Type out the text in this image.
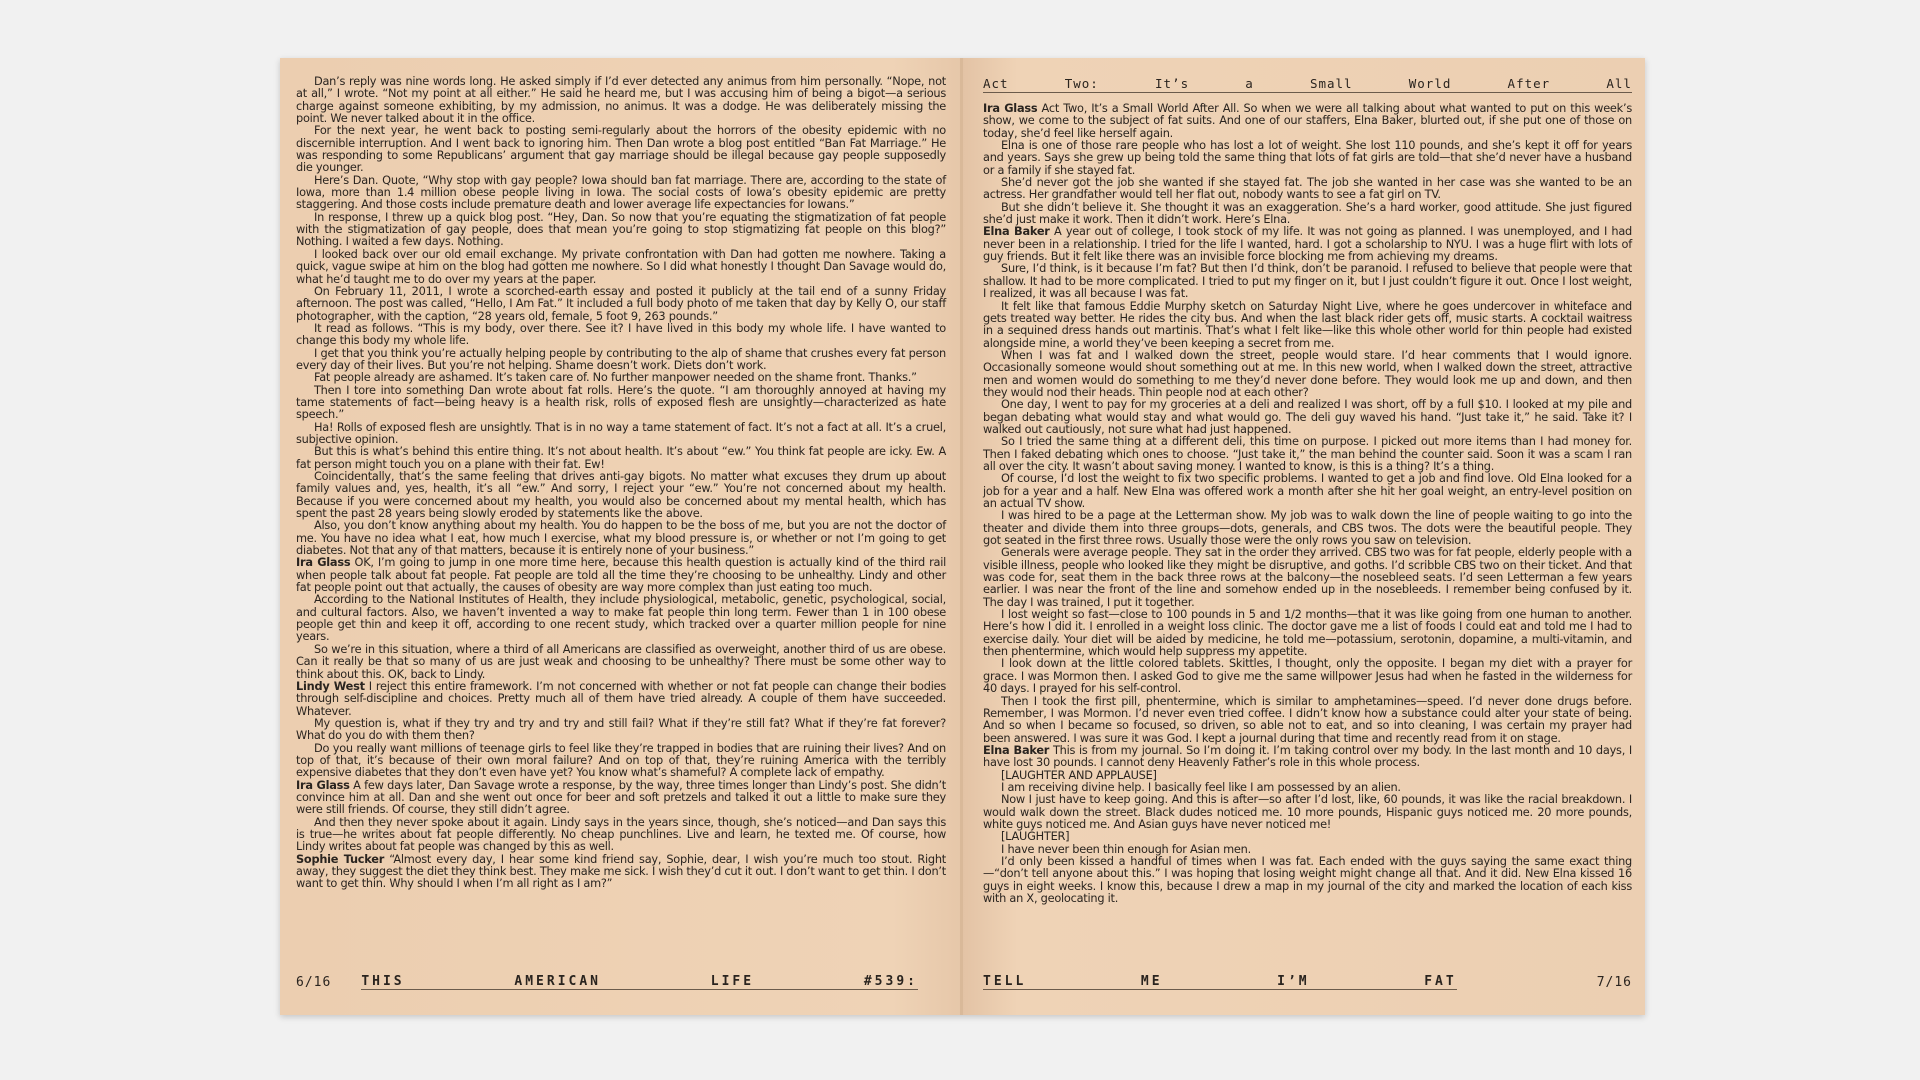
Dan’s reply was nine words long. He asked simply if I’d ever detected any animus from him personally. “Nope, not at all,” I wrote. “Not my point at all either.” He said he heard me, but I was accusing him of being a bigot—a serious charge against someone exhibiting, by my admission, no animus. It was a dodge. He was deliberately missing the point. We never talked about it in the office.

For the next year, he went back to posting semi-regularly about the horrors of the obesity epidemic with no discernible interruption. And I went back to ignoring him. Then Dan wrote a blog post entitled “Ban Fat Marriage.” He was responding to some Republicans’ argument that gay marriage should be illegal because gay people supposedly die younger.

Here’s Dan. Quote, “Why stop with gay people? Iowa should ban fat marriage. There are, according to the state of Iowa, more than 1.4 million obese people living in Iowa. The social costs of Iowa’s obesity epidemic are pretty staggering. And those costs include premature death and lower average life expectancies for Iowans.”

In response, I threw up a quick blog post. “Hey, Dan. So now that you’re equating the stigmatization of fat people with the stigmatization of gay people, does that mean you’re going to stop stigmatizing fat people on this blog?” Nothing. I waited a few days. Nothing.

I looked back over our old email exchange. My private confrontation with Dan had gotten me nowhere. Taking a quick, vague swipe at him on the blog had gotten me nowhere. So I did what honestly I thought Dan Savage would do, what he’d taught me to do over my years at the paper.

On February 11, 2011, I wrote a scorched-earth essay and posted it publicly at the tail end of a sunny Friday afternoon. The post was called, “Hello, I Am Fat.” It included a full body photo of me taken that day by Kelly O, our staff photographer, with the caption, “28 years old, female, 5 foot 9, 263 pounds.”

It read as follows. “This is my body, over there. See it? I have lived in this body my whole life. I have wanted to change this body my whole life.

I get that you think you’re actually helping people by contributing to the alp of shame that crushes every fat person every day of their lives. But you’re not helping. Shame doesn’t work. Diets don’t work.

Fat people already are ashamed. It’s taken care of. No further manpower needed on the shame front. Thanks.”

Then I tore into something Dan wrote about fat rolls. Here’s the quote. “I am thoroughly annoyed at having my tame statements of fact—being heavy is a health risk, rolls of exposed flesh are unsightly—characterized as hate speech.”

Ha! Rolls of exposed flesh are unsightly. That is in no way a tame statement of fact. It’s not a fact at all. It’s a cruel, subjective opinion.

But this is what’s behind this entire thing. It’s not about health. It’s about “ew.” You think fat people are icky. Ew. A fat person might touch you on a plane with their fat. Ew!

Coincidentally, that’s the same feeling that drives anti-gay bigots. No matter what excuses they drum up about family values and, yes, health, it’s all “ew.” And sorry, I reject your “ew.” You’re not concerned about my health. Because if you were concerned about my health, you would also be concerned about my mental health, which has spent the past 28 years being slowly eroded by statements like the above.

Also, you don’t know anything about my health. You do happen to be the boss of me, but you are not the doctor of me. You have no idea what I eat, how much I exercise, what my blood pressure is, or whether or not I’m going to get diabetes. Not that any of that matters, because it is entirely none of your business.”

Ira Glass OK, I’m going to jump in one more time here, because this health question is actually kind of the third rail when people talk about fat people. Fat people are told all the time they’re choosing to be unhealthy. Lindy and other fat people point out that actually, the causes of obesity are way more complex than just eating too much.

According to the National Institutes of Health, they include physiological, metabolic, genetic, psychological, social, and cultural factors. Also, we haven’t invented a way to make fat people thin long term. Fewer than 1 in 100 obese people get thin and keep it off, according to one recent study, which tracked over a quarter million people for nine years.

So we’re in this situation, where a third of all Americans are classified as overweight, another third of us are obese. Can it really be that so many of us are just weak and choosing to be unhealthy? There must be some other way to think about this. OK, back to Lindy.

Lindy West I reject this entire framework. I’m not concerned with whether or not fat people can change their bodies through self-discipline and choices. Pretty much all of them have tried already. A couple of them have succeeded. Whatever.

My question is, what if they try and try and try and still fail? What if they’re still fat? What if they’re fat forever? What do you do with them then?

Do you really want millions of teenage girls to feel like they’re trapped in bodies that are ruining their lives? And on top of that, it’s because of their own moral failure? And on top of that, they’re ruining America with the terribly expensive diabetes that they don’t even have yet? You know what’s shameful? A complete lack of empathy.

Ira Glass A few days later, Dan Savage wrote a response, by the way, three times longer than Lindy’s post. She didn’t convince him at all. Dan and she went out once for beer and soft pretzels and talked it out a little to make sure they were still friends. Of course, they still didn’t agree.

And then they never spoke about it again. Lindy says in the years since, though, she’s noticed—and Dan says this is true—he writes about fat people differently. No cheap punchlines. Live and learn, he texted me. Of course, how Lindy writes about fat people was changed by this as well.

Sophie Tucker “Almost every day, I hear some kind friend say, Sophie, dear, I wish you’re much too stout. Right away, they suggest the diet they think best. They make me sick. I wish they’d cut it out. I don’t want to get thin. I don’t want to get thin. Why should I when I’m all right as I am?”

6/16 THIS	AMERICAN	LIFE	#539:
Act	Two:	It’s	a	Small	World	After	All

Ira Glass Act Two, It’s a Small World After All. So when we were all talking about what wanted to put on this week’s show, we come to the subject of fat suits. And one of our staffers, Elna Baker, blurted out, if she put one of those on today, she’d feel like herself again.

Elna is one of those rare people who has lost a lot of weight. She lost 110 pounds, and she’s kept it off for years and years. Says she grew up being told the same thing that lots of fat girls are told—that she’d never have a husband or a family if she stayed fat.

She’d never got the job she wanted if she stayed fat. The job she wanted in her case was she wanted to be an actress. Her grandfather would tell her flat out, nobody wants to see a fat girl on TV.

But she didn’t believe it. She thought it was an exaggeration. She’s a hard worker, good attitude. She just figured she’d just make it work. Then it didn’t work. Here’s Elna.

Elna Baker A year out of college, I took stock of my life. It was not going as planned. I was unemployed, and I had never been in a relationship. I tried for the life I wanted, hard. I got a scholarship to NYU. I was a huge flirt with lots of guy friends. But it felt like there was an invisible force blocking me from achieving my dreams.

Sure, I’d think, is it because I’m fat? But then I’d think, don’t be paranoid. I refused to believe that people were that shallow. It had to be more complicated. I tried to put my finger on it, but I just couldn’t figure it out. Once I lost weight, I realized, it was all because I was fat.

It felt like that famous Eddie Murphy sketch on Saturday Night Live, where he goes undercover in whiteface and gets treated way better. He rides the city bus. And when the last black rider gets off, music starts. A cocktail waitress in a sequined dress hands out martinis. That’s what I felt like—like this whole other world for thin people had existed alongside mine, a world they’ve been keeping a secret from me.

When I was fat and I walked down the street, people would stare. I’d hear comments that I would ignore. Occasionally someone would shout something out at me. In this new world, when I walked down the street, attractive men and women would do something to me they’d never done before. They would look me up and down, and then they would nod their heads. Thin people nod at each other?

One day, I went to pay for my groceries at a deli and realized I was short, off by a full $10. I looked at my pile and began debating what would stay and what would go. The deli guy waved his hand. “Just take it,” he said. Take it? I walked out cautiously, not sure what had just happened.

So I tried the same thing at a different deli, this time on purpose. I picked out more items than I had money for. Then I faked debating which ones to choose. “Just take it,” the man behind the counter said. Soon it was a scam I ran all over the city. It wasn’t about saving money. I wanted to know, is this is a thing? It’s a thing.

Of course, I’d lost the weight to fix two specific problems. I wanted to get a job and find love. Old Elna looked for a job for a year and a half. New Elna was offered work a month after she hit her goal weight, an entry-level position on an actual TV show.

I was hired to be a page at the Letterman show. My job was to walk down the line of people waiting to go into the theater and divide them into three groups—dots, generals, and CBS twos. The dots were the beautiful people. They got seated in the first three rows. Usually those were the only rows you saw on television.

Generals were average people. They sat in the order they arrived. CBS two was for fat people, elderly people with a visible illness, people who looked like they might be disruptive, and goths. I’d scribble CBS two on their ticket. And that was code for, seat them in the back three rows at the balcony—the nosebleed seats. I’d seen Letterman a few years earlier. I was near the front of the line and somehow ended up in the nosebleeds. I remember being confused by it. The day I was trained, I put it together.

I lost weight so fast—close to 100 pounds in 5 and 1/2 months—that it was like going from one human to another. Here’s how I did it. I enrolled in a weight loss clinic. The doctor gave me a list of foods I could eat and told me I had to exercise daily. Your diet will be aided by medicine, he told me—potassium, serotonin, dopamine, a multi-vitamin, and then phentermine, which would help suppress my appetite.

I look down at the little colored tablets. Skittles, I thought, only the opposite. I began my diet with a prayer for grace. I was Mormon then. I asked God to give me the same willpower Jesus had when he fasted in the wilderness for 40 days. I prayed for his self-control.

Then I took the first pill, phentermine, which is similar to amphetamines—speed. I’d never done drugs before. Remember, I was Mormon. I’d never even tried coffee. I didn’t know how a substance could alter your state of being. And so when I became so focused, so driven, so able not to eat, and so into cleaning, I was certain my prayer had been answered. I was sure it was God. I kept a journal during that time and recently read from it on stage.

Elna Baker This is from my journal. So I’m doing it. I’m taking control over my body. In the last month and 10 days, I have lost 30 pounds. I cannot deny Heavenly Father’s role in this whole process.

[LAUGHTER AND APPLAUSE]

I am receiving divine help. I basically feel like I am possessed by an alien.

Now I just have to keep going. And this is after—so after I’d lost, like, 60 pounds, it was like the racial breakdown. I would walk down the street. Black dudes noticed me. 10 more pounds, Hispanic guys noticed me. 20 more pounds, white guys noticed me. And Asian guys have never noticed me!

[LAUGHTER]

I have never been thin enough for Asian men.

I’d only been kissed a handful of times when I was fat. Each ended with the guys saying the same exact thing—“don’t tell anyone about this.” I was hoping that losing weight might change all that. And it did. New Elna kissed 16 guys in eight weeks. I know this, because I drew a map in my journal of the city and marked the location of each kiss with an X, geolocating it.

TELL	ME	I’M	FAT	7/16
